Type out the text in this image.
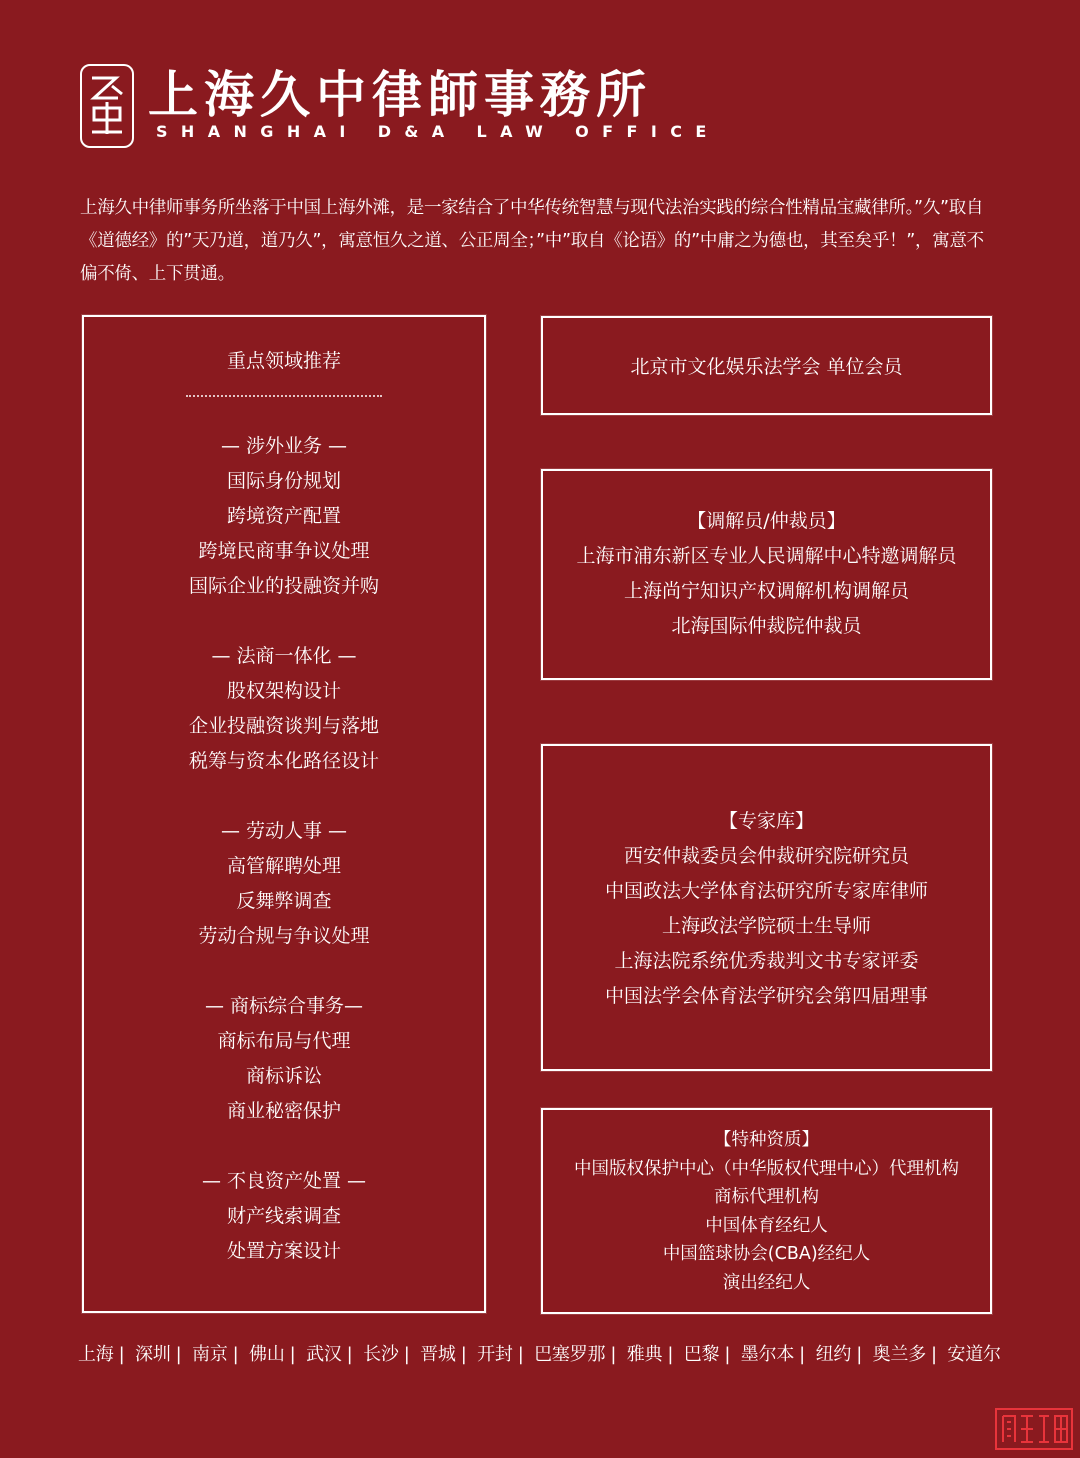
上海久中律師事務所
SHANGHAI D&A LAW OFFICE
上海久中律师事务所坐落于中国上海外滩，是一家结合了中华传统智慧与现代法治实践的综合性精品宝藏律所。”久”取自《道德经》的”天乃道，道乃久”，寓意恒久之道、公正周全；”中”取自《论语》的”中庸之为德也，其至矣乎！”，寓意不偏不倚、上下贯通。
重点领域推荐
— 涉外业务 —
国际身份规划
跨境资产配置
跨境民商事争议处理
国际企业的投融资并购
— 法商一体化 —
股权架构设计
企业投融资谈判与落地
税筹与资本化路径设计
— 劳动人事 —
高管解聘处理
反舞弊调查
劳动合规与争议处理
— 商标综合事务—
商标布局与代理
商标诉讼
商业秘密保护
— 不良资产处置 —
财产线索调查
处置方案设计
北京市文化娱乐法学会 单位会员
【调解员/仲裁员】
上海市浦东新区专业人民调解中心特邀调解员
上海尚宁知识产权调解机构调解员
北海国际仲裁院仲裁员
【专家库】
西安仲裁委员会仲裁研究院研究员
中国政法大学体育法研究所专家库律师
上海政法学院硕士生导师
上海法院系统优秀裁判文书专家评委
中国法学会体育法学研究会第四届理事
【特种资质】
中国版权保护中心（中华版权代理中心）代理机构
商标代理机构
中国体育经纪人
中国篮球协会(CBA)经纪人
演出经纪人
上海 | 深圳 | 南京 | 佛山 | 武汉 | 长沙 | 晋城 | 开封 | 巴塞罗那 | 雅典 | 巴黎 | 墨尔本 | 纽约 | 奥兰多 | 安道尔
